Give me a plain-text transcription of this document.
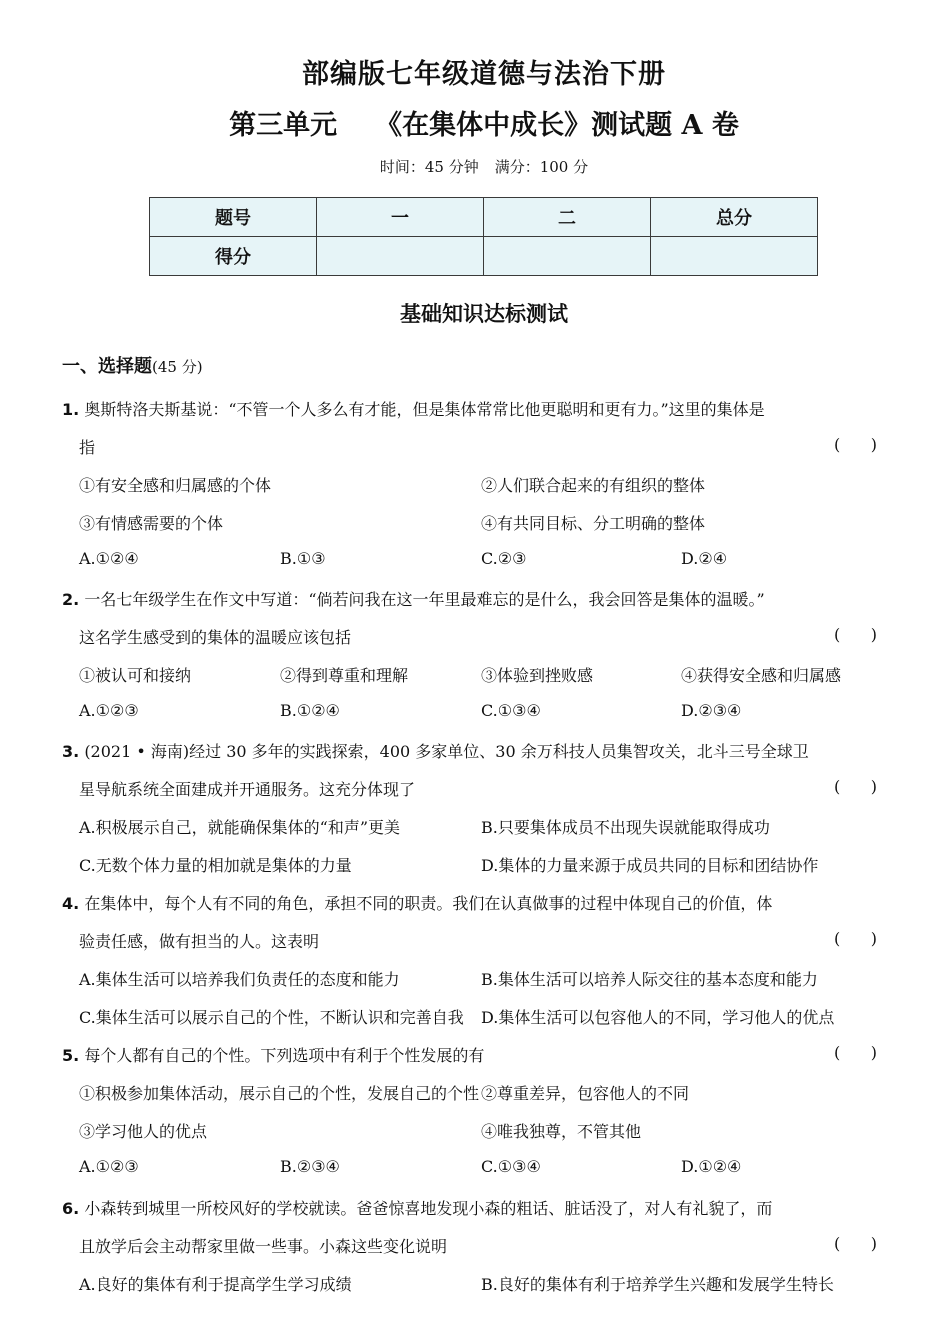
部编版七年级道德与法治下册
第三单元 《在集体中成长》测试题 A 卷
时间：45 分钟 满分：100 分
题号	一	二	总分
得分			
基础知识达标测试
一、选择题(45 分)
1. 奥斯特洛夫斯基说：“不管一个人多么有才能，但是集体常常比他更聪明和更有力。”这里的集体是
指	(      )
①有安全感和归属感的个体	②人们联合起来的有组织的整体
③有情感需要的个体	④有共同目标、分工明确的整体
A.①②④	B.①③	C.②③	D.②④
2. 一名七年级学生在作文中写道：“倘若问我在这一年里最难忘的是什么，我会回答是集体的温暖。”
这名学生感受到的集体的温暖应该包括	(      )
①被认可和接纳	②得到尊重和理解	③体验到挫败感	④获得安全感和归属感
A.①②③	B.①②④	C.①③④	D.②③④
3. (2021 • 海南)经过 30 多年的实践探索，400 多家单位、30 余万科技人员集智攻关，北斗三号全球卫
星导航系统全面建成并开通服务。这充分体现了	(      )
A.积极展示自己，就能确保集体的“和声”更美	B.只要集体成员不出现失误就能取得成功
C.无数个体力量的相加就是集体的力量	D.集体的力量来源于成员共同的目标和团结协作
4. 在集体中，每个人有不同的角色，承担不同的职责。我们在认真做事的过程中体现自己的价值，体
验责任感，做有担当的人。这表明	(      )
A.集体生活可以培养我们负责任的态度和能力	B.集体生活可以培养人际交往的基本态度和能力
C.集体生活可以展示自己的个性，不断认识和完善自我 D.集体生活可以包容他人的不同，学习他人的优点
5. 每个人都有自己的个性。下列选项中有利于个性发展的有	(      )
①积极参加集体活动，展示自己的个性，发展自己的个性 ②尊重差异，包容他人的不同
③学习他人的优点	④唯我独尊，不管其他
A.①②③	B.②③④	C.①③④	D.①②④
6. 小森转到城里一所校风好的学校就读。爸爸惊喜地发现小森的粗话、脏话没了，对人有礼貌了，而
且放学后会主动帮家里做一些事。小森这些变化说明	(      )
A.良好的集体有利于提高学生学习成绩	B.良好的集体有利于培养学生兴趣和发展学生特长
